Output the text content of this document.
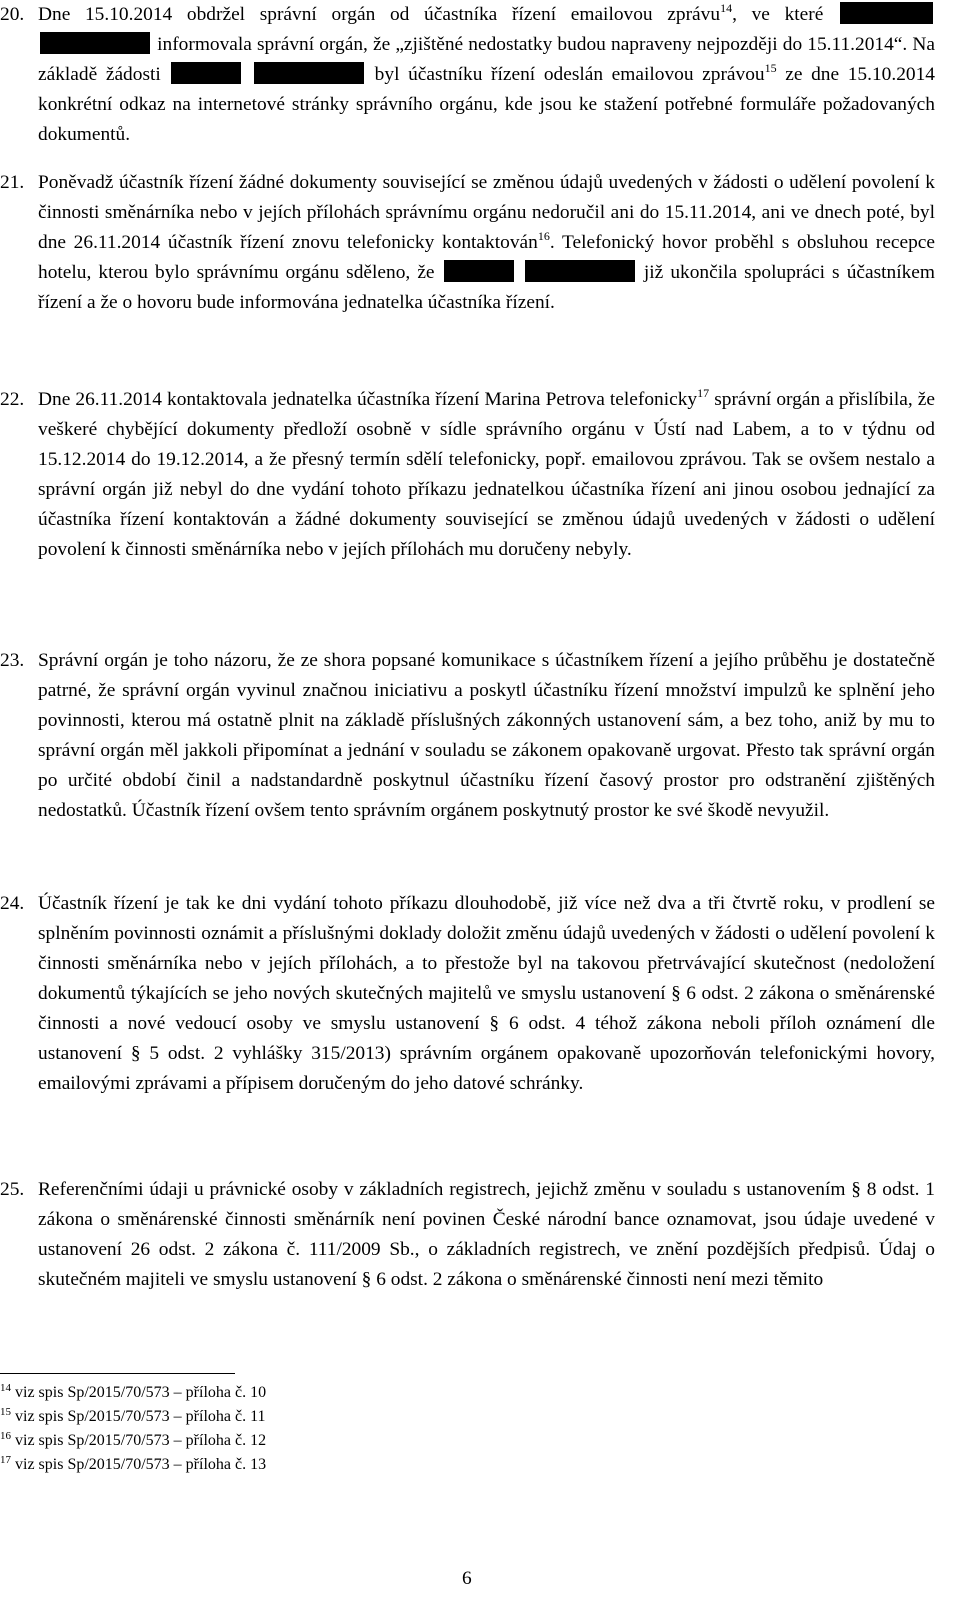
20. Dne 15.10.2014 obdržel správní orgán od účastníka řízení emailovou zprávu$^{14}$, ve které   informovala správní orgán, že „zjištěné nedostatky budou napraveny nejpozději do 15.11.2014“. Na základě žádosti	byl účastníku řízení odeslán emailovou zprávou$^{15}$ ze dne 15.10.2014 konkrétní odkaz na internetové stránky správního orgánu, kde jsou ke stažení potřebné formuláře požadovaných dokumentů.
21. Poněvadž účastník řízení žádné dokumenty související se změnou údajů uvedených v žádosti o udělení povolení k činnosti směnárníka nebo v jejích přílohách správnímu orgánu nedoručil ani do 15.11.2014, ani ve dnech poté, byl dne 26.11.2014 účastník řízení znovu telefonicky kontaktován$^{16}$. Telefonický hovor proběhl s obsluhou recepce hotelu, kterou bylo správnímu orgánu sděleno, že	již ukončila spolupráci s účastníkem řízení a že o hovoru bude informována jednatelka účastníka řízení.
22. Dne 26.11.2014 kontaktovala jednatelka účastníka řízení Marina Petrova telefonicky$^{17}$ správní orgán a přislíbila, že veškeré chybějící dokumenty předloží osobně v sídle správního orgánu v Ústí nad Labem, a to v týdnu od 15.12.2014 do 19.12.2014, a že přesný termín sdělí telefonicky, popř. emailovou zprávou. Tak se ovšem nestalo a správní orgán již nebyl do dne vydání tohoto příkazu jednatelkou účastníka řízení ani jinou osobou jednající za účastníka řízení kontaktován a žádné dokumenty související se změnou údajů uvedených v žádosti o udělení povolení k činnosti směnárníka nebo v jejích přílohách mu doručeny nebyly.
23. Správní orgán je toho názoru, že ze shora popsané komunikace s účastníkem řízení a jejího průběhu je dostatečně patrné, že správní orgán vyvinul značnou iniciativu a poskytl účastníku řízení množství impulzů ke splnění jeho povinnosti, kterou má ostatně plnit na základě příslušných zákonných ustanovení sám, a bez toho, aniž by mu to správní orgán měl jakkoli připomínat a jednání v souladu se zákonem opakovaně urgovat. Přesto tak správní orgán po určité období činil a nadstandardně poskytnul účastníku řízení časový prostor pro odstranění zjištěných nedostatků. Účastník řízení ovšem tento správním orgánem poskytnutý prostor ke své škodě nevyužil.
24. Účastník řízení je tak ke dni vydání tohoto příkazu dlouhodobě, již více než dva a tři čtvrtě roku, v prodlení se splněním povinnosti oznámit a příslušnými doklady doložit změnu údajů uvedených v žádosti o udělení povolení k činnosti směnárníka nebo v jejích přílohách, a to přestože byl na takovou přetrvávající skutečnost (nedoložení dokumentů týkajících se jeho nových skutečných majitelů ve smyslu ustanovení § 6 odst. 2 zákona o směnárenské činnosti a nové vedoucí osoby ve smyslu ustanovení § 6 odst. 4 téhož zákona neboli příloh oznámení dle ustanovení § 5 odst. 2 vyhlášky 315/2013) správním orgánem opakovaně upozorňován telefonickými hovory, emailovými zprávami a přípisem doručeným do jeho datové schránky.
25. Referenčními údaji u právnické osoby v základních registrech, jejichž změnu v souladu s ustanovením § 8 odst. 1 zákona o směnárenské činnosti směnárník není povinen České národní bance oznamovat, jsou údaje uvedené v ustanovení 26 odst. 2 zákona č. 111/2009 Sb., o základních registrech, ve znění pozdějších předpisů. Údaj o skutečném majiteli ve smyslu ustanovení § 6 odst. 2 zákona o směnárenské činnosti není mezi těmito
$^{14}$ viz spis Sp/2015/70/573 – příloha č. 10
$^{15}$ viz spis Sp/2015/70/573 – příloha č. 11
$^{16}$ viz spis Sp/2015/70/573 – příloha č. 12
$^{17}$ viz spis Sp/2015/70/573 – příloha č. 13
6
